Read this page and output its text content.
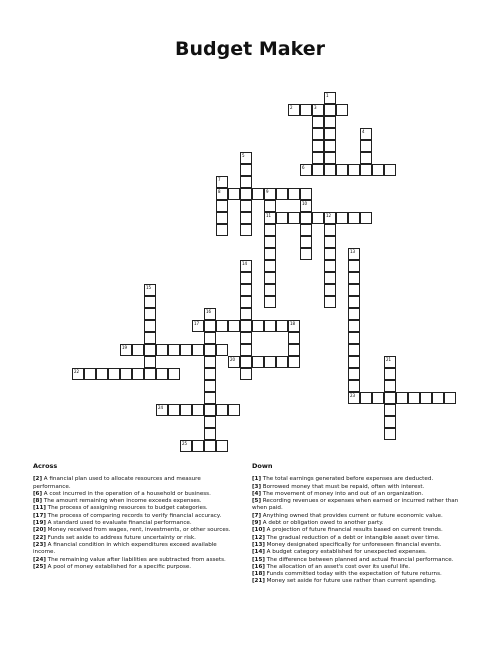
Budget Maker
2	3
6
8	9
11	12
17	18
19
20
22
23
24
25
1
4
5
7
10
13
14
15
16
21
Across
[2] A financial plan used to allocate resources and measure performance.
[6] A cost incurred in the operation of a household or business.
[8] The amount remaining when income exceeds expenses.
[11] The process of assigning resources to budget categories.
[17] The process of comparing records to verify financial accuracy.
[19] A standard used to evaluate financial performance.
[20] Money received from wages, rent, investments, or other sources.
[22] Funds set aside to address future uncertainty or risk.
[23] A financial condition in which expenditures exceed available income.
[24] The remaining value after liabilities are subtracted from assets.
[25] A pool of money established for a specific purpose.
Down
[1] The total earnings generated before expenses are deducted.
[3] Borrowed money that must be repaid, often with interest.
[4] The movement of money into and out of an organization.
[5] Recording revenues or expenses when earned or incurred rather than when paid.
[7] Anything owned that provides current or future economic value.
[9] A debt or obligation owed to another party.
[10] A projection of future financial results based on current trends.
[12] The gradual reduction of a debt or intangible asset over time.
[13] Money designated specifically for unforeseen financial events.
[14] A budget category established for unexpected expenses.
[15] The difference between planned and actual financial performance.
[16] The allocation of an asset's cost over its useful life.
[18] Funds committed today with the expectation of future returns.
[21] Money set aside for future use rather than current spending.
